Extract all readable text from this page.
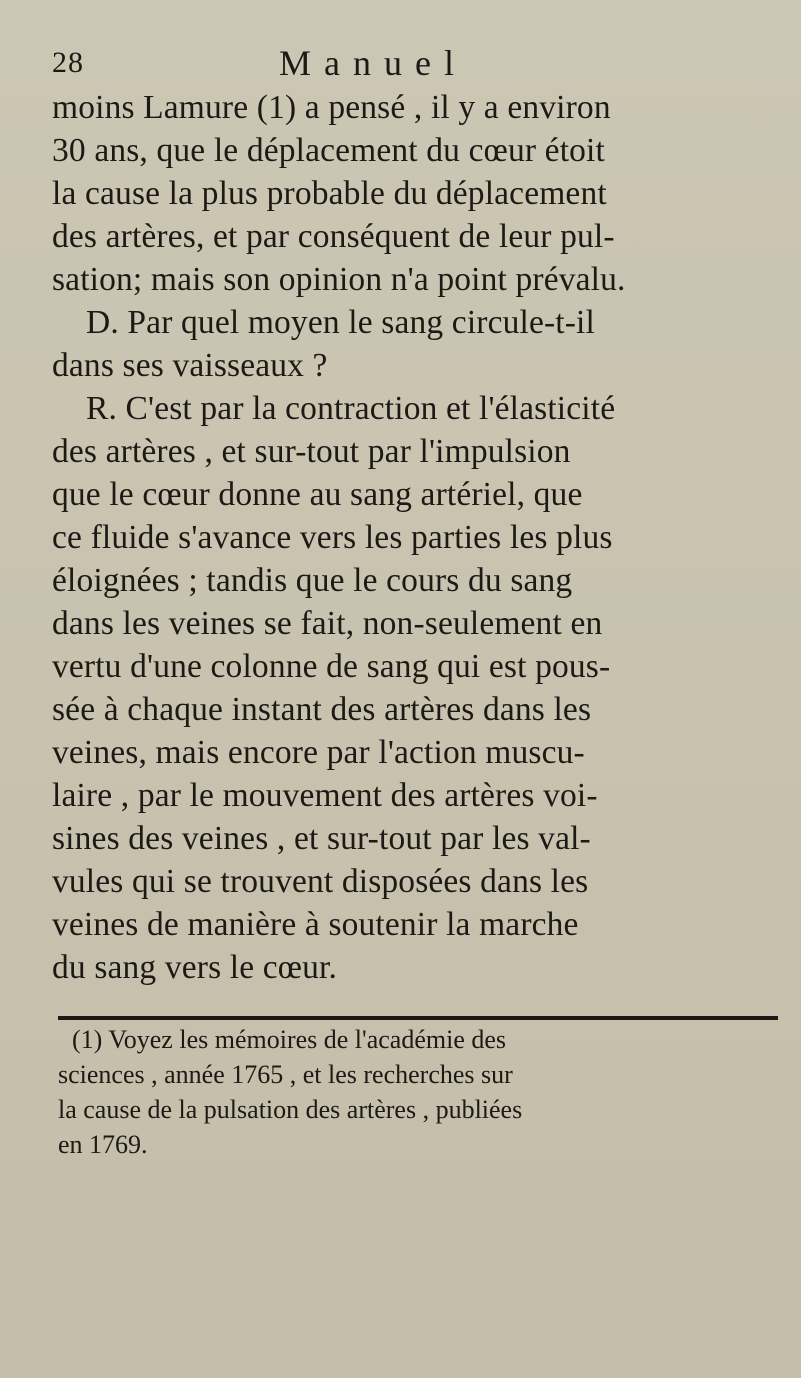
28	Manuel
moins Lamure (1) a pensé , il y a environ
30 ans, que le déplacement du cœur étoit
la cause la plus probable du déplacement
des artères, et par conséquent de leur pul-
sation; mais son opinion n'a point prévalu.
D. Par quel moyen le sang circule-t-il
dans ses vaisseaux ?
R. C'est par la contraction et l'élasticité
des artères , et sur-tout par l'impulsion
que le cœur donne au sang artériel, que
ce fluide s'avance vers les parties les plus
éloignées ; tandis que le cours du sang
dans les veines se fait, non-seulement en
vertu d'une colonne de sang qui est pous-
sée à chaque instant des artères dans les
veines, mais encore par l'action muscu-
laire , par le mouvement des artères voi-
sines des veines , et sur-tout par les val-
vules qui se trouvent disposées dans les
veines de manière à soutenir la marche
du sang vers le cœur.
(1) Voyez les mémoires de l'académie des
sciences , année 1765 , et les recherches sur
la cause de la pulsation des artères , publiées
en 1769.
